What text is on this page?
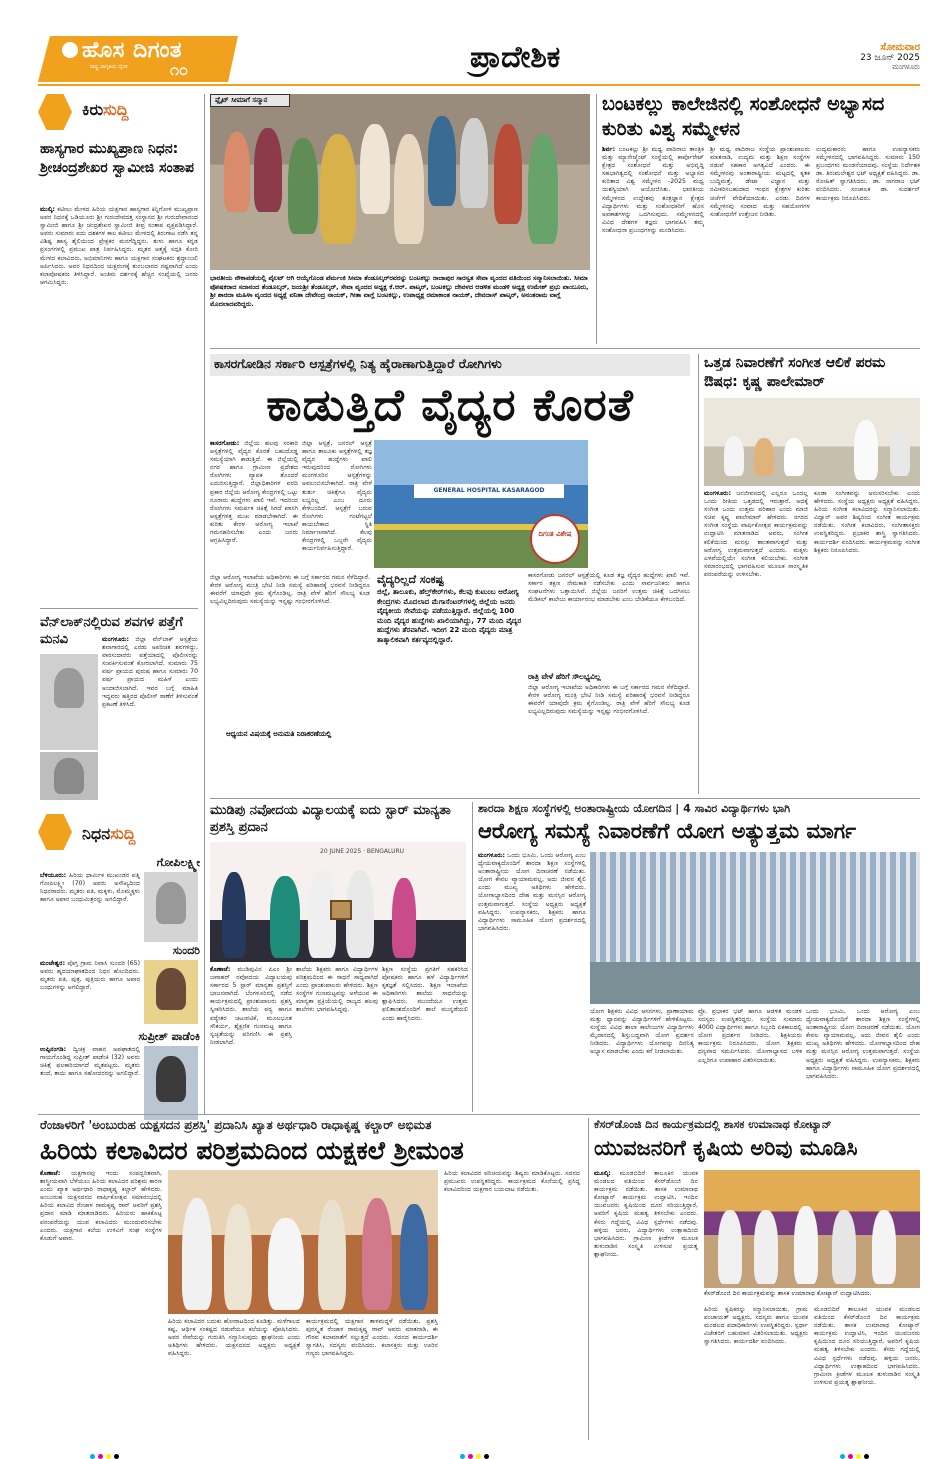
ಹೊಸ ದಿಗಂತ
ರಾಷ್ಟ್ರ ಜಾಗೃತಿಯ ದೈನಿಕ	೧೦	ಪ್ರಾದೇಶಿಕ	ಸೋಮವಾರ
23 ಜೂನ್ 2025
ಮಂಗಳೂರು
ಕಿರುಸುದ್ದಿ
ಹಾಸ್ಯಗಾರ ಮುಖ್ಯಪ್ರಾಣ ನಿಧನ: ಶ್ರೀಚಂದ್ರಶೇಖರ ಸ್ವಾಮೀಜಿ ಸಂತಾಪ

ಮುಲ್ಕಿ: ಕಟೀಲು ಮೇಳದ ಹಿರಿಯ ಯಕ್ಷಗಾನ ಹಾಸ್ಯಗಾರ ಕಿನ್ನಿಗೋಳಿ ಮುಖ್ಯಪ್ರಾಣ ಅವರ ನಿಧನಕ್ಕೆ ಒಡಿಯೂರು ಶ್ರೀ ಗುರುದೇವದತ್ತ ಸಂಸ್ಥಾನದ ಶ್ರೀ ಗುರುದೇವಾನಂದ ಸ್ವಾಮೀಜಿ ಹಾಗೂ ಶ್ರೀ ಚಂದ್ರಶೇಖರ ಸ್ವಾಮೀಜಿ ತೀವ್ರ ಸಂತಾಪ ವ್ಯಕ್ತಪಡಿಸಿದ್ದಾರೆ. ಅವರು ಸುಮಾರು ಐದು ದಶಕಗಳ ಕಾಲ ಕಟೀಲು ಮೇಳದಲ್ಲಿ ತಿರುಗಾಟ ನಡೆಸಿ ತನ್ನ ವಿಶಿಷ್ಟ ಹಾಸ್ಯ ಶೈಲಿಯಿಂದ ಪ್ರೇಕ್ಷಕರ ಮನಗೆದ್ದಿದ್ದರು. ತುಳು ಹಾಗೂ ಕನ್ನಡ ಪ್ರಸಂಗಗಳಲ್ಲಿ ಪ್ರಮುಖ ಪಾತ್ರ ನಿರ್ವಹಿಸಿದ್ದರು. ಮೃತರ ಆತ್ಮಕ್ಕೆ ಸದ್ಗತಿ ಕೋರಿ ಮೇಳದ ಕಲಾವಿದರು, ಅಭಿಮಾನಿಗಳು ಹಾಗೂ ಯಕ್ಷಗಾನ ಸಂಘಟಕರು ಶ್ರದ್ಧಾಂಜಲಿ ಅರ್ಪಿಸಿದರು. ಅವರ ನಿಧನದಿಂದ ಯಕ್ಷರಂಗಕ್ಕೆ ತುಂಬಲಾರದ ನಷ್ಟವಾಗಿದೆ ಎಂದು ಕಲಾಪೋಷಕರು ತಿಳಿಸಿದ್ದಾರೆ. ಅಂತಿಮ ದರ್ಶನಕ್ಕೆ ಹೆಚ್ಚಿನ ಸಂಖ್ಯೆಯಲ್ಲಿ ಜನರು ಆಗಮಿಸಿದ್ದರು.

ವೆನ್‌ಲಾಕ್‌ನಲ್ಲಿರುವ ಶವಗಳ ಪತ್ತೆಗೆ ಮನವಿ	ಮಂಗಳೂರು: ಜಿಲ್ಲಾ ವೆನ್‌ಲಾಕ್ ಆಸ್ಪತ್ರೆಯ ಶವಾಗಾರದಲ್ಲಿ ಎರಡು ಅಪರಿಚಿತ ಶವಗಳಿದ್ದು, ವಾರಸುದಾರರು ಪತ್ತೆಯಾದಲ್ಲಿ ಪೊಲೀಸರನ್ನು ಸಂಪರ್ಕಿಸುವಂತೆ ಕೋರಲಾಗಿದೆ. ಸುಮಾರು 75 ವರ್ಷ ಪ್ರಾಯದ ಪುರುಷ ಹಾಗೂ ಸುಮಾರು 70 ವರ್ಷ ಪ್ರಾಯದ ಮಹಿಳೆ ಎಂದು ಅಂದಾಜಿಸಲಾಗಿದೆ. ಇವರ ಬಗ್ಗೆ ಮಾಹಿತಿ ಇದ್ದವರು ಹತ್ತಿರದ ಪೊಲೀಸ್ ಠಾಣೆಗೆ ತಿಳಿಸುವಂತೆ ಪ್ರಕಟಣೆ ತಿಳಿಸಿದೆ.

ನಿಧನಸುದ್ದಿ
ಗೋಪಿಲಕ್ಷ್ಮೀ
ಬೆಳಿಯೂರು: ಹಿರಿಯ ಧಾರ್ಮಿಕ ಮುಖಂಡರ ಪತ್ನಿ ಗೋಪಿಲಕ್ಷ್ಮೀ (70) ಅವರು ಅಸೌಖ್ಯದಿಂದ ನಿಧನರಾದರು. ಮೃತರು ಪತಿ, ಮಕ್ಕಳು, ಮೊಮ್ಮಕ್ಕಳು ಹಾಗೂ ಅಪಾರ ಬಂಧುಮಿತ್ರರನ್ನು ಅಗಲಿದ್ದಾರೆ.
ಸುಂದರಿ
ಮಂಜೇಶ್ವರ: ಪೊಗ್ತ ಗ್ರಾಮ ನಿವಾಸಿ ಸುಂದರಿ (65) ಅವರು ಹೃದಯಾಘಾತದಿಂದ ನಿಧನ ಹೊಂದಿದರು. ಮೃತರು ಪತಿ, ಪುತ್ರ, ಪುತ್ರಿಯರು ಹಾಗೂ ಅಪಾರ ಬಂಧುಗಳನ್ನು ಅಗಲಿದ್ದಾರೆ.
ಸುಪ್ರೀತ್ ಪಾಡೆಂಕಿ
ಉಪ್ಪಿನಂಗಡಿ: ದ್ವಿಚಕ್ರ ವಾಹನ ಅಪಘಾತದಲ್ಲಿ ಗಾಯಗೊಂಡಿದ್ದ ಸುಪ್ರೀತ್ ಪಾಡೆಂಕಿ (32) ಅವರು ಚಿಕಿತ್ಸೆ ಫಲಕಾರಿಯಾಗದೆ ಮೃತಪಟ್ಟರು. ಮೃತರು ತಂದೆ, ತಾಯಿ ಹಾಗೂ ಸಹೋದರರನ್ನು ಅಗಲಿದ್ದಾರೆ.
ಪ್ಲೈಟ್ ಸೀಮಾಗೆ ಸನ್ಮಾನ
ಭಾರತೀಯ ನೌಕಾಪಡೆಯಲ್ಲಿ ಪೈಲಟ್ ಆಗಿ ಆಯ್ಕೆಗೊಂಡ ಪೆರ್ಮಂಕಿ ಸೀಮಾ ತೆಂಡೂಲ್ಕರ್‌ರವರನ್ನು ಬಂಟಕಲ್ಲು ರಾಜಾಪುರ ಸಾರಸ್ವತ ಸೇವಾ ವೃಂದದ ವತಿಯಿಂದ ಸನ್ಮಾನಿಸಲಾಯಿತು. ಸೀಮಾ ಪೋಷಕರಾದ ಸದಾನಂದ ತೆಂಡೂಲ್ಕರ್, ಜಯಶ್ರೀ ತೆಂಡೂಲ್ಕರ್, ಸೇವಾ ವೃಂದದ ಅಧ್ಯಕ್ಷ ಕೆ.ಆರ್. ಪಾಟ್ಕರ್, ಬಂಟಕಲ್ಲು ದೇವಳದ ಆಡಳಿತ ಮಂಡಳಿ ಅಧ್ಯಕ್ಷ ಉಮೇಶ್ ಪ್ರಭು ಪಾಂಬೂರು, ಶ್ರೀ ಶಾರದಾ ಮಹಿಳಾ ವೃಂದದ ಅಧ್ಯಕ್ಷೆ ವನಿತಾ ದೇವೇಂದ್ರ ನಾಯಕ್, ಗೀತಾ ವಾಗ್ಲೆ ಬಂಟಕಲ್ಲು, ಉಪಾಧ್ಯಕ್ಷ ರಮಾಕಾಂತ ನಾಯಕ್, ದೇವದಾಸ್ ಪಾಟ್ಕರ್, ಅನಂತರಾಮ ವಾಗ್ಲೆ ಮೊದಲಾದವರಿದ್ದರು.
ಬಂಟಕಲ್ಲು ಕಾಲೇಜಿನಲ್ಲಿ ಸಂಶೋಧನೆ ಅಭ್ಯಾಸದ ಕುರಿತು ವಿಶ್ವ ಸಮ್ಮೇಳನ
ಶಿರ್ವ: ಬಂಟಕಲ್ಲು ಶ್ರೀ ಮಧ್ವ ವಾದಿರಾಜ ತಾಂತ್ರಿಕ ಮತ್ತು ಮ್ಯಾನೇಜ್ಮೆಂಟ್ ಸಂಸ್ಥೆಯಲ್ಲಿ ಕಾರ್ಪೊರೇಟ್ ಕ್ಷೇತ್ರದ ಸಂಶೋಧನೆ ಮತ್ತು ಅಭಿವೃದ್ಧಿ ಸಹಭಾಗಿತ್ವದಲ್ಲಿ ಸಂಶೋಧನೆ ಮತ್ತು ಅಭ್ಯಾಸದ ಕುರಿತಾದ ವಿಶ್ವ ಸಮ್ಮೇಳನ -2025 ಮಧ್ವ ಯಶಸ್ವಿಯಾಗಿ ಆಯೋಜಿಸಿತು. ಭಾರತೀಯ ಸಮ್ಮೇಳನದ ಉದ್ದೇಶವು ತಂತ್ರಜ್ಞಾನ ಕ್ಷೇತ್ರದ ವಿದ್ಯಾರ್ಥಿಗಳು ಮತ್ತು ಸಂಶೋಧಕರಿಗೆ ಹೊಸ ಅವಕಾಶಗಳನ್ನು ಒದಗಿಸುವುದು. ಸಮ್ಮೇಳನದಲ್ಲಿ ವಿವಿಧ ದೇಶಗಳ ತಜ್ಞರು ಭಾಗವಹಿಸಿ ತಮ್ಮ ಸಂಶೋಧನಾ ಪ್ರಬಂಧಗಳನ್ನು ಮಂಡಿಸಿದರು.
ಶ್ರೀ ಮಧ್ವ ವಾದಿರಾಜ ಸಂಸ್ಥೆಯ ಪ್ರಾಂಶುಪಾಲರು ಮಾತನಾಡಿ, ಉದ್ಯಮ ಮತ್ತು ಶಿಕ್ಷಣ ಸಂಸ್ಥೆಗಳ ನಡುವೆ ಸಹಕಾರ ಅಗತ್ಯವಿದೆ ಎಂದರು. ಈ ಸಮ್ಮೇಳನವು ಅಂತಾರಾಷ್ಟ್ರೀಯ ಮಟ್ಟದಲ್ಲಿ ಕೃತಕ ಬುದ್ಧಿಮತ್ತೆ, ಡೇಟಾ ವಿಜ್ಞಾನ ಮತ್ತು ನವೀಕರಿಸಬಹುದಾದ ಇಂಧನ ಕ್ಷೇತ್ರಗಳ ಕುರಿತು ಚರ್ಚೆಗೆ ವೇದಿಕೆಯಾಯಿತು. ಎರಡು ದಿನಗಳ ಸಮ್ಮೇಳನವು ಸಂವಾದ ಮತ್ತು ಸಹಯೋಗಗಳ ಸಂಶೋಧನೆಗೆ ಉತ್ತೇಜನ ನೀಡಿತು.
ಉದ್ಯಮಕಾರರು ಹಾಗೂ ಉಪನ್ಯಾಸಕರು ಸಮ್ಮೇಳನದಲ್ಲಿ ಭಾಗವಹಿಸಿದ್ದರು. ಸುಮಾರು 150 ಪ್ರಬಂಧಗಳು ಮಂಡನೆಯಾದವು. ಸಂಸ್ಥೆಯ ನಿರ್ದೇಶಕ ಡಾ. ತಿರುಮಲೇಶ್ವರ ಭಟ್ ಅಧ್ಯಕ್ಷತೆ ವಹಿಸಿದ್ದರು. ಡಾ. ರೋಹಿತ್ ಸ್ವಾಗತಿಸಿದರು. ಡಾ. ನಾಗರಾಜ ಭಟ್ ವಂದಿಸಿದರು. ಸಂಚಾಲಕ ಡಾ. ಸುದರ್ಶನ್ ಕಾರ್ಯಕ್ರಮ ನಿರೂಪಿಸಿದರು.
ಕಾಸರಗೋಡಿನ ಸರ್ಕಾರಿ ಆಸ್ಪತ್ರೆಗಳಲ್ಲಿ ನಿತ್ಯ ಹೈರಾಣಾಗುತ್ತಿದ್ದಾರೆ ರೋಗಿಗಳು
ಕಾಡುತ್ತಿದೆ ವೈದ್ಯರ ಕೊರತೆ
ಕಾಸರಗೋಡು: ಜಿಲ್ಲೆಯ ಹಲವು ಸರಕಾರಿ ಆಸ್ಪತ್ರೆಗಳಲ್ಲಿ ವೈದ್ಯರ ಕೊರತೆ ಬಹುದೊಡ್ಡ ಸಮಸ್ಯೆಯಾಗಿ ಕಾಡುತ್ತಿದೆ. ಈ ಜಿಲ್ಲೆಯಲ್ಲಿ ನಗರ ಹಾಗೂ ಗ್ರಾಮೀಣ ಪ್ರದೇಶದ ರೋಗಿಗಳು ವ್ಯಾಪಕ ತೊಂದರೆ ಎದುರಿಸುತ್ತಿದ್ದಾರೆ. ಜಿಲ್ಲಾಧಿಕಾರಿಗಳ ವರದಿ ಪ್ರಕಾರ ಜಿಲ್ಲೆಯ ಆರೋಗ್ಯ ಕೇಂದ್ರಗಳಲ್ಲಿ ಒಟ್ಟು ನೂರಾರು ಹುದ್ದೆಗಳು ಖಾಲಿ ಇವೆ. ಇದರಿಂದ ರೋಗಿಗಳು ಸಮರ್ಪಕ ಚಿಕಿತ್ಸೆ ಸಿಗದೆ ಖಾಸಗಿ ಆಸ್ಪತ್ರೆಗಳತ್ತ ಮುಖ ಮಾಡಬೇಕಾಗಿದೆ. ಈ ಕುರಿತು ಕೇರಳ ಆರೋಗ್ಯ ಇಲಾಖೆ ಗಮನಹರಿಸಬೇಕು ಎಂದು ಜನರು ಆಗ್ರಹಿಸಿದ್ದಾರೆ.
ಜಿಲ್ಲಾ ಆಸ್ಪತ್ರೆ, ಜನರಲ್ ಆಸ್ಪತ್ರೆ ಹಾಗೂ ತಾಲೂಕು ಆಸ್ಪತ್ರೆಗಳಲ್ಲಿ ತಜ್ಞ ವೈದ್ಯರ ಹುದ್ದೆಗಳು ಖಾಲಿ ಇರುವುದರಿಂದ ರೋಗಿಗಳು ಮಂಗಳೂರಿನ ಆಸ್ಪತ್ರೆಗಳನ್ನು ಅವಲಂಬಿಸಬೇಕಾಗಿದೆ. ರಾತ್ರಿ ವೇಳೆ ತುರ್ತು ಚಿಕಿತ್ಸೆಗೂ ವೈದ್ಯರು ಲಭ್ಯರಿಲ್ಲ ಎಂಬ ದೂರು ಕೇಳಿಬಂದಿದೆ. ಆಸ್ಪತ್ರೆಗೆ ಬರುವ ರೋಗಿಗಳು ಗಂಟೆಗಟ್ಟಲೆ ಕಾಯಬೇಕಾದ ಸ್ಥಿತಿ ನಿರ್ಮಾಣವಾಗಿದೆ. ಕೆಲವು ಕೇಂದ್ರಗಳಲ್ಲಿ ಒಬ್ಬರೇ ವೈದ್ಯರು ಕಾರ್ಯನಿರ್ವಹಿಸುತ್ತಿದ್ದಾರೆ.
ಜಿಲ್ಲಾ ಆರೋಗ್ಯ ಇಲಾಖೆಯ ಅಧಿಕಾರಿಗಳು ಈ ಬಗ್ಗೆ ಸರ್ಕಾರದ ಗಮನ ಸೆಳೆದಿದ್ದಾರೆ. ಕೇರಳ ಆರೋಗ್ಯ ಮಂತ್ರಿ ಭೇಟಿ ನೀಡಿ ಸಮಸ್ಯೆ ಪರಿಹಾರಕ್ಕೆ ಭರವಸೆ ನೀಡಿದ್ದರೂ ಈವರೆಗೆ ಯಾವುದೇ ಕ್ರಮ ಕೈಗೊಂಡಿಲ್ಲ. ರಾತ್ರಿ ವೇಳೆ ಹೆರಿಗೆ ಸೌಲಭ್ಯ ಕೂಡ ಲಭ್ಯವಿಲ್ಲದಿರುವುದು ಸಮಸ್ಯೆಯನ್ನು ಇನ್ನಷ್ಟು ಗಂಭೀರಗೊಳಿಸಿದೆ.
ಆಧ್ಯಯನ ವಿಷಯಕ್ಕೆ ಅನುಮತಿ ನಿರಾಕರಣೆಯಲ್ಲಿ
GENERAL HOSPITAL KASARAGOD
ದಿಗಂತ ವಿಶೇಷ
ವೈದ್ಯರಿಲ್ಲದೆ ಸಂಕಷ್ಟ
ಜಿಲ್ಲೆ, ತಾಲೂಕು, ಹೆಲ್ತ್‌ಕೇರ್‌ಗಳು, ಕೆಲವು ಕುಟುಂಬ ಆರೋಗ್ಯ ಕೇಂದ್ರಗಳು ಮೊದಲಾದ ಮೆಗಾಸೆಂಟರ್‌ಗಳಲ್ಲಿ ಜಿಲ್ಲೆಯ ಜನರು ವೈದ್ಯಕೀಯ ಸೇವೆಯನ್ನು ಪಡೆಯುತ್ತಿದ್ದಾರೆ. ಜಿಲ್ಲೆಯಲ್ಲಿ 100 ಮಂದಿ ವೈದ್ಯರ ಹುದ್ದೆಗಳು ಖಾಲಿಯಾಗಿದ್ದು, 77 ಮಂದಿ ವೈದ್ಯರ ಹುದ್ದೆಗಳು ತೆರವಾಗಿವೆ. ಇದೀಗ 22 ಮಂದಿ ವೈದ್ಯರು ಮಾತ್ರ ತಾತ್ಕಾಲಿಕವಾಗಿ ಕರ್ತವ್ಯದಲ್ಲಿದ್ದಾರೆ.
ಕಾಸರಗೋಡು ಜನರಲ್ ಆಸ್ಪತ್ರೆಯಲ್ಲಿ ಕೂಡ ತಜ್ಞ ವೈದ್ಯರ ಹುದ್ದೆಗಳು ಖಾಲಿ ಇವೆ. ಸರ್ಕಾರ ತಕ್ಷಣ ನೇಮಕಾತಿ ನಡೆಸಬೇಕು ಎಂದು ಸಾರ್ವಜನಿಕರು ಹಾಗೂ ಸಂಘಟನೆಗಳು ಒತ್ತಾಯಿಸಿವೆ. ಜಿಲ್ಲೆಯ ಜನರಿಗೆ ಉತ್ತಮ ಚಿಕಿತ್ಸೆ ಒದಗಿಸಲು ಮೆಡಿಕಲ್ ಕಾಲೇಜು ಕಾರ್ಯಾರಂಭ ಮಾಡಬೇಕು ಎಂಬ ಬೇಡಿಕೆಯೂ ಕೇಳಿಬಂದಿದೆ.
ರಾತ್ರಿ ವೇಳೆ ಹೆರಿಗೆ ಸೌಲಭ್ಯವಿಲ್ಲ
ಜಿಲ್ಲಾ ಆರೋಗ್ಯ ಇಲಾಖೆಯ ಅಧಿಕಾರಿಗಳು ಈ ಬಗ್ಗೆ ಸರ್ಕಾರದ ಗಮನ ಸೆಳೆದಿದ್ದಾರೆ. ಕೇರಳ ಆರೋಗ್ಯ ಮಂತ್ರಿ ಭೇಟಿ ನೀಡಿ ಸಮಸ್ಯೆ ಪರಿಹಾರಕ್ಕೆ ಭರವಸೆ ನೀಡಿದ್ದರೂ ಈವರೆಗೆ ಯಾವುದೇ ಕ್ರಮ ಕೈಗೊಂಡಿಲ್ಲ. ರಾತ್ರಿ ವೇಳೆ ಹೆರಿಗೆ ಸೌಲಭ್ಯ ಕೂಡ ಲಭ್ಯವಿಲ್ಲದಿರುವುದು ಸಮಸ್ಯೆಯನ್ನು ಇನ್ನಷ್ಟು ಗಂಭೀರಗೊಳಿಸಿದೆ.
ಒತ್ತಡ ನಿವಾರಣೆಗೆ ಸಂಗೀತ ಆಲಿಕೆ ಪರಮ ಔಷಧ: ಕೃಷ್ಣ ಪಾಲೇಮಾರ್
ಮಂಗಳೂರು: ಜನಜೀವನದಲ್ಲಿ ಎಲ್ಲರೂ ಒಂದಲ್ಲ ಒಂದು ರೀತಿಯ ಒತ್ತಡದಲ್ಲಿ ಇರುತ್ತಾರೆ. ಅದಕ್ಕೆ ಸಂಗೀತ ಒಂದು ಉತ್ತಮ ಪರಿಹಾರ ಎಂದು ಮಾಜಿ ಸಚಿವ ಕೃಷ್ಣ ಪಾಲೇಮಾರ್ ಹೇಳಿದರು. ನಗರದ ಸಂಗೀತ ಸಂಸ್ಥೆಯ ವಾರ್ಷಿಕೋತ್ಸವ ಕಾರ್ಯಕ್ರಮವನ್ನು ಉದ್ಘಾಟಿಸಿ ಮಾತನಾಡಿದ ಅವರು, ಸಂಗೀತ ಕಲಿಕೆಯಿಂದ ಮನಸ್ಸು ಶಾಂತವಾಗುತ್ತದೆ ಮತ್ತು ಆರೋಗ್ಯ ಉತ್ತಮವಾಗುತ್ತದೆ ಎಂದರು. ಮಕ್ಕಳು ಎಳವೆಯಲ್ಲಿಯೇ ಸಂಗೀತ ಕಲಿಯಬೇಕು. ಸಂಗೀತ ಸಮಾರಂಭದಲ್ಲಿ ಭಾಗವಹಿಸುವ ಮೂಲಕ ಸಾಂಸ್ಕೃತಿಕ ಪರಂಪರೆಯನ್ನು ಉಳಿಸಬೇಕು.
ಕೂಡಾ ಸಂಗೀತವನ್ನು ಅನುಸರಿಸಬೇಕು ಎಂದು ಹೇಳಿದರು. ಸಂಸ್ಥೆಯ ಅಧ್ಯಕ್ಷರು ಅಧ್ಯಕ್ಷತೆ ವಹಿಸಿದ್ದರು. ಹಿರಿಯ ಸಂಗೀತ ಕಲಾವಿದರನ್ನು ಸನ್ಮಾನಿಸಲಾಯಿತು. ವಿದ್ವಾನ್ ಅವರ ಶಿಷ್ಯರಿಂದ ಸಂಗೀತ ಕಾರ್ಯಕ್ರಮ ನಡೆಯಿತು. ಸಂಗೀತ ಕಲಾವಿದರು, ಸಂಗೀತಾಸಕ್ತರು ಉಪಸ್ಥಿತರಿದ್ದರು. ಪ್ರಭಾಕರ ಶಾಸ್ತ್ರಿ ಸ್ವಾಗತಿಸಿದರು. ಕಾರ್ಯದರ್ಶಿ ವಂದಿಸಿದರು. ಕಾರ್ಯಕ್ರಮವನ್ನು ಸಂಗೀತ ಶಿಕ್ಷಕರು ನಿರೂಪಿಸಿದರು.
ಮುಡಿಪು ನವೋದಯ ವಿದ್ಯಾಲಯಕ್ಕೆ ಐದು ಸ್ಟಾರ್ ಮಾನ್ಯತಾ ಪ್ರಶಸ್ತಿ ಪ್ರದಾನ
20 JUNE 2025 · BENGALURU
ಕೊಣಾಜೆ: ಮುಡಿಪುವಿನ ಪಿಎಂ ಶ್ರೀ ಜವಾಹರ್ ನವೋದಯ ವಿದ್ಯಾಲಯವು ಸರ್ಕಾರದ 5 ಸ್ಟಾರ್ ಮಾನ್ಯತಾ ಪ್ರಶಸ್ತಿಗೆ ಭಾಜನವಾಗಿದೆ. ಬೆಂಗಳೂರಿನಲ್ಲಿ ನಡೆದ ಕಾರ್ಯಕ್ರಮದಲ್ಲಿ ಪ್ರಾಂಶುಪಾಲರು ಪ್ರಶಸ್ತಿ ಸ್ವೀಕರಿಸಿದರು. ಶಾಲೆಯ ಪಠ್ಯ ಹಾಗೂ ಪಠ್ಯೇತರ ಚಟುವಟಿಕೆ, ಮೂಲಭೂತ ಸೌಕರ್ಯ, ಶೈಕ್ಷಣಿಕ ಗುಣಮಟ್ಟ ಹಾಗೂ ಸ್ವಚ್ಛತೆಯನ್ನು ಪರಿಗಣಿಸಿ ಈ ಪ್ರಶಸ್ತಿ ನೀಡಲಾಗಿದೆ.
ಶಾಲೆಯ ಶಿಕ್ಷಕರು ಹಾಗೂ ವಿದ್ಯಾರ್ಥಿಗಳ ಪರಿಶ್ರಮದಿಂದ ಈ ಸಾಧನೆ ಸಾಧ್ಯವಾಗಿದೆ ಎಂದು ಪ್ರಾಂಶುಪಾಲರು ಹೇಳಿದರು. ಶಿಕ್ಷಣ ಸಂಸ್ಥೆಗಳ ಗುಣಮಟ್ಟವನ್ನು ಅಳೆಯುವ ಈ ಮಾನ್ಯತಾ ಪ್ರಕ್ರಿಯೆಯಲ್ಲಿ ರಾಜ್ಯದ ಹಲವು ಶಾಲೆಗಳು ಭಾಗವಹಿಸಿದ್ದವು.
ಶಿಕ್ಷಣ ಸಂಸ್ಥೆಯ ಪ್ರಗತಿಗೆ ಸಹಕರಿಸಿದ ಪೋಷಕರು ಹಾಗೂ ಹಳೆ ವಿದ್ಯಾರ್ಥಿಗಳಿಗೆ ಕೃತಜ್ಞತೆ ಸಲ್ಲಿಸಿದರು. ಶಿಕ್ಷಣ ಇಲಾಖೆಯ ಅಧಿಕಾರಿಗಳು ಶಾಲೆಯ ಸಾಧನೆಯನ್ನು ಶ್ಲಾಘಿಸಿದರು. ಮುಂದೆಯೂ ಉತ್ತಮ ಫಲಿತಾಂಶದೊಂದಿಗೆ ಶಾಲೆ ಮುನ್ನಡೆಯಲಿ ಎಂದು ಹಾರೈಸಿದರು.
ಶಾರದಾ ಶಿಕ್ಷಣ ಸಂಸ್ಥೆಗಳಲ್ಲಿ ಅಂತಾರಾಷ್ಟ್ರೀಯ ಯೋಗದಿನ | 4 ಸಾವಿರ ವಿದ್ಯಾರ್ಥಿಗಳು ಭಾಗಿ
ಆರೋಗ್ಯ ಸಮಸ್ಯೆ ನಿವಾರಣೆಗೆ ಯೋಗ ಅತ್ಯುತ್ತಮ ಮಾರ್ಗ
ಮಂಗಳೂರು: ಒಂದು ಭೂಮಿ, ಒಂದು ಆರೋಗ್ಯ ಎಂಬ ಧ್ಯೇಯವಾಕ್ಯದೊಂದಿಗೆ ಶಾರದಾ ಶಿಕ್ಷಣ ಸಂಸ್ಥೆಗಳಲ್ಲಿ ಅಂತಾರಾಷ್ಟ್ರೀಯ ಯೋಗ ದಿನಾಚರಣೆ ನಡೆಯಿತು. ಯೋಗ ಕೇವಲ ವ್ಯಾಯಾಮವಲ್ಲ, ಅದು ಜೀವನ ಶೈಲಿ ಎಂದು ಮುಖ್ಯ ಅತಿಥಿಗಳು ಹೇಳಿದರು. ಯೋಗಾಭ್ಯಾಸದಿಂದ ದೇಹ ಮತ್ತು ಮನಸ್ಸಿನ ಆರೋಗ್ಯ ಉತ್ತಮವಾಗುತ್ತದೆ. ಸಂಸ್ಥೆಯ ಅಧ್ಯಕ್ಷರು ಅಧ್ಯಕ್ಷತೆ ವಹಿಸಿದ್ದರು. ಉಪನ್ಯಾಸಕರು, ಶಿಕ್ಷಕರು ಹಾಗೂ ವಿದ್ಯಾರ್ಥಿಗಳು ಸಾಮೂಹಿಕ ಯೋಗ ಪ್ರದರ್ಶನದಲ್ಲಿ ಭಾಗವಹಿಸಿದರು.
ಯೋಗ ಶಿಕ್ಷಕರು ವಿವಿಧ ಆಸನಗಳು, ಪ್ರಾಣಾಯಾಮ ಮತ್ತು ಧ್ಯಾನವನ್ನು ವಿದ್ಯಾರ್ಥಿಗಳಿಗೆ ಹೇಳಿಕೊಟ್ಟರು. ಸಂಸ್ಥೆಯ ವಿವಿಧ ಶಾಲಾ ಕಾಲೇಜುಗಳ ವಿದ್ಯಾರ್ಥಿಗಳು ಮೈದಾನದಲ್ಲಿ ಶಿಸ್ತುಬದ್ಧವಾಗಿ ಯೋಗ ಪ್ರದರ್ಶನ ನೀಡಿದರು. ವಿದ್ಯಾರ್ಥಿಗಳು ಯೋಗವನ್ನು ದಿನನಿತ್ಯ ಅಭ್ಯಾಸ ಮಾಡಬೇಕು ಎಂದು ಕರೆ ನೀಡಲಾಯಿತು.
ಪ್ರೊ. ಪ್ರಭಾಕರ ಭಟ್ ಹಾಗೂ ಆಡಳಿತ ಮಂಡಳಿ ಸದಸ್ಯರು ಉಪಸ್ಥಿತರಿದ್ದರು. ಸಂಸ್ಥೆಯ ಸುಮಾರು 4000 ವಿದ್ಯಾರ್ಥಿಗಳು ಹಾಗೂ ಸಿಬ್ಬಂದಿ ಏಕಕಾಲದಲ್ಲಿ ಯೋಗ ಪ್ರದರ್ಶನ ನೀಡಿದರು. ಶಿಕ್ಷಕಿಯರು ಕಾರ್ಯಕ್ರಮ ನಿರೂಪಿಸಿದರು. ಯೋಗ ಶಿಕ್ಷಕರು ಧನ್ಯವಾದ ಸಮರ್ಪಿಸಿದರು. ಯೋಗಾಭ್ಯಾಸದ ಬಳಿಕ ಎಲ್ಲರಿಗೂ ಉಪಾಹಾರ ವಿತರಿಸಲಾಯಿತು.
ಒಂದು ಭೂಮಿ, ಒಂದು ಆರೋಗ್ಯ ಎಂಬ ಧ್ಯೇಯವಾಕ್ಯದೊಂದಿಗೆ ಶಾರದಾ ಶಿಕ್ಷಣ ಸಂಸ್ಥೆಗಳಲ್ಲಿ ಅಂತಾರಾಷ್ಟ್ರೀಯ ಯೋಗ ದಿನಾಚರಣೆ ನಡೆಯಿತು. ಯೋಗ ಕೇವಲ ವ್ಯಾಯಾಮವಲ್ಲ, ಅದು ಜೀವನ ಶೈಲಿ ಎಂದು ಮುಖ್ಯ ಅತಿಥಿಗಳು ಹೇಳಿದರು. ಯೋಗಾಭ್ಯಾಸದಿಂದ ದೇಹ ಮತ್ತು ಮನಸ್ಸಿನ ಆರೋಗ್ಯ ಉತ್ತಮವಾಗುತ್ತದೆ. ಸಂಸ್ಥೆಯ ಅಧ್ಯಕ್ಷರು ಅಧ್ಯಕ್ಷತೆ ವಹಿಸಿದ್ದರು. ಉಪನ್ಯಾಸಕರು, ಶಿಕ್ಷಕರು ಹಾಗೂ ವಿದ್ಯಾರ್ಥಿಗಳು ಸಾಮೂಹಿಕ ಯೋಗ ಪ್ರದರ್ಶನದಲ್ಲಿ ಭಾಗವಹಿಸಿದರು.
ರೆಂಜಾಳರಿಗೆ 'ಅಂಬುರುಹ ಯಕ್ಷಸದನ ಪ್ರಶಸ್ತಿ' ಪ್ರದಾನಿಸಿ ಖ್ಯಾತ ಅರ್ಥಧಾರಿ ರಾಧಾಕೃಷ್ಣ ಕಲ್ಚಾರ್ ಅಭಿಮತ
ಹಿರಿಯ ಕಲಾವಿದರ ಪರಿಶ್ರಮದಿಂದ ಯಕ್ಷಕಲೆ ಶ್ರೀಮಂತ
ಕೊಣಾಜೆ: ಯಕ್ಷಗಾನವು ಇಂದು ಸಂಪದ್ಭರಿತವಾಗಿ, ಶಾಸ್ತ್ರೀಯವಾಗಿ ಬೆಳೆಯಲು ಹಿರಿಯ ಕಲಾವಿದರ ಪರಿಶ್ರಮ ಕಾರಣ ಎಂದು ಖ್ಯಾತ ಅರ್ಥಧಾರಿ ರಾಧಾಕೃಷ್ಣ ಕಲ್ಚಾರ್ ಹೇಳಿದರು. ಅಂಬುರುಹ ಯಕ್ಷಸದನದ ವಾರ್ಷಿಕೋತ್ಸವ ಸಮಾರಂಭದಲ್ಲಿ ಹಿರಿಯ ಕಲಾವಿದ ರೆಂಜಾಳ ರಾಮಕೃಷ್ಣ ರಾವ್ ಅವರಿಗೆ ಪ್ರಶಸ್ತಿ ಪ್ರದಾನ ಮಾಡಿ ಮಾತನಾಡಿದರು. ಹಿರಿಯರು ಹಾಕಿಕೊಟ್ಟ ಪರಂಪರೆಯನ್ನು ಯುವ ಕಲಾವಿದರು ಮುಂದುವರಿಸಬೇಕು ಎಂದರು. ಯಕ್ಷಗಾನ ಕಲೆಯ ಉಳಿವಿಗೆ ಸಂಘ ಸಂಸ್ಥೆಗಳ ಕೊಡುಗೆ ಅಪಾರ.
ಹಿರಿಯ ಕಲಾವಿದರ ಬದುಕು ಹೋರಾಟದಿಂದ ಕೂಡಿತ್ತು. ಮಳೆಗಾಲದ ಕಷ್ಟ, ಆರ್ಥಿಕ ಸಂಕಷ್ಟದ ನಡುವೆಯೂ ಕಲೆಯನ್ನು ಪೋಷಿಸಿದರು. ಅವರ ಸೇವೆಯನ್ನು ಗುರುತಿಸಿ ಸನ್ಮಾನಿಸುವುದು ಶ್ಲಾಘನೀಯ ಎಂದು ಅತಿಥಿಗಳು ಹೇಳಿದರು. ಯಕ್ಷಸದನದ ಅಧ್ಯಕ್ಷರು ಅಧ್ಯಕ್ಷತೆ ವಹಿಸಿದ್ದರು.
ಕಾರ್ಯಕ್ರಮದಲ್ಲಿ ಯಕ್ಷಗಾನ ತಾಳಮದ್ದಳೆ ನಡೆಯಿತು. ಪ್ರಶಸ್ತಿ ಪುರಸ್ಕೃತ ರೆಂಜಾಳ ರಾಮಕೃಷ್ಣ ರಾವ್ ಅವರು ಮಾತನಾಡಿ, ಈ ಗೌರವ ಕಲಾಮಾತೆಗೆ ಸಲ್ಲುತ್ತದೆ ಎಂದರು. ಸದನದ ಕಾರ್ಯದರ್ಶಿ ಸ್ವಾಗತಿಸಿ, ಸದಸ್ಯರು ವಂದಿಸಿದರು. ಕಲಾಸಕ್ತರು ಮತ್ತು ಊರಿನ ಗಣ್ಯರು ಭಾಗವಹಿಸಿದ್ದರು.
ಹಿರಿಯ ಕಲಾವಿದರ ಪರಿಚಯವನ್ನು ಶಿಷ್ಯರು ಮಾಡಿಕೊಟ್ಟರು. ಸದನದ ಪ್ರಮುಖರು ಉಪಸ್ಥಿತರಿದ್ದರು. ಕಾರ್ಯಕ್ರಮದ ಕೊನೆಯಲ್ಲಿ ಪ್ರಸಿದ್ಧ ಕಲಾವಿದರಿಂದ ಯಕ್ಷಗಾನ ಬಯಲಾಟ ನಡೆಯಿತು.
ಕೆಸರ್‌ಡೊಂಜಿ ದಿನ ಕಾರ್ಯಕ್ರಮದಲ್ಲಿ ಶಾಸಕ ಉಮಾನಾಥ ಕೋಟ್ಯಾನ್
ಯುವಜನರಿಗೆ ಕೃಷಿಯ ಅರಿವು ಮೂಡಿಸಿ
ಮೂಲ್ಕಿ: ಮೂಡಬಿದಿರೆ ತಾಲೂಕಿನ ಯುವಕ ಮಂಡಲದ ವತಿಯಿಂದ ಕೆಸರ್‌ಡೊಂಜಿ ದಿನ ಕಾರ್ಯಕ್ರಮ ನಡೆಯಿತು. ಶಾಸಕ ಉಮಾನಾಥ ಕೋಟ್ಯಾನ್ ಕಾರ್ಯಕ್ರಮ ಉದ್ಘಾಟಿಸಿ, ಇಂದಿನ ಯುವಜನರು ಕೃಷಿಯಿಂದ ದೂರ ಸರಿಯುತ್ತಿದ್ದಾರೆ, ಅವರಿಗೆ ಕೃಷಿಯ ಮಹತ್ವ ತಿಳಿಸಬೇಕು ಎಂದರು. ಕೆಸರು ಗದ್ದೆಯಲ್ಲಿ ವಿವಿಧ ಸ್ಪರ್ಧೆಗಳು ನಡೆದವು. ಹಳ್ಳಿಯ ಜನರು, ವಿದ್ಯಾರ್ಥಿಗಳು ಉತ್ಸಾಹದಿಂದ ಭಾಗವಹಿಸಿದರು. ಗ್ರಾಮೀಣ ಕ್ರೀಡೆಗಳ ಮೂಲಕ ತುಳುನಾಡಿನ ಸಂಸ್ಕೃತಿ ಉಳಿಸುವ ಪ್ರಯತ್ನ ಶ್ಲಾಘನೀಯ.
ಕೆಸರ್‌ಡೊಂಜಿ ದಿನ ಕಾರ್ಯಕ್ರಮವನ್ನು ಶಾಸಕ ಉಮಾನಾಥ ಕೋಟ್ಯಾನ್ ಉದ್ಘಾಟಿಸಿದರು.
ಹಿರಿಯ ಕೃಷಿಕರನ್ನು ಸನ್ಮಾನಿಸಲಾಯಿತು. ಗ್ರಾಮ ಪಂಚಾಯತ್ ಅಧ್ಯಕ್ಷರು, ಸದಸ್ಯರು ಹಾಗೂ ಯುವಕ ಮಂಡಲದ ಪದಾಧಿಕಾರಿಗಳು ಉಪಸ್ಥಿತರಿದ್ದರು. ಸ್ಪರ್ಧಾ ವಿಜೇತರಿಗೆ ಬಹುಮಾನ ವಿತರಿಸಲಾಯಿತು. ಅಧ್ಯಕ್ಷರು ಸ್ವಾಗತಿಸಿದರು. ಕಾರ್ಯದರ್ಶಿ ವಂದಿಸಿದರು.
ಮೂಡಬಿದಿರೆ ತಾಲೂಕಿನ ಯುವಕ ಮಂಡಲದ ವತಿಯಿಂದ ಕೆಸರ್‌ಡೊಂಜಿ ದಿನ ಕಾರ್ಯಕ್ರಮ ನಡೆಯಿತು. ಶಾಸಕ ಉಮಾನಾಥ ಕೋಟ್ಯಾನ್ ಕಾರ್ಯಕ್ರಮ ಉದ್ಘಾಟಿಸಿ, ಇಂದಿನ ಯುವಜನರು ಕೃಷಿಯಿಂದ ದೂರ ಸರಿಯುತ್ತಿದ್ದಾರೆ, ಅವರಿಗೆ ಕೃಷಿಯ ಮಹತ್ವ ತಿಳಿಸಬೇಕು ಎಂದರು. ಕೆಸರು ಗದ್ದೆಯಲ್ಲಿ ವಿವಿಧ ಸ್ಪರ್ಧೆಗಳು ನಡೆದವು. ಹಳ್ಳಿಯ ಜನರು, ವಿದ್ಯಾರ್ಥಿಗಳು ಉತ್ಸಾಹದಿಂದ ಭಾಗವಹಿಸಿದರು. ಗ್ರಾಮೀಣ ಕ್ರೀಡೆಗಳ ಮೂಲಕ ತುಳುನಾಡಿನ ಸಂಸ್ಕೃತಿ ಉಳಿಸುವ ಪ್ರಯತ್ನ ಶ್ಲಾಘನೀಯ.
